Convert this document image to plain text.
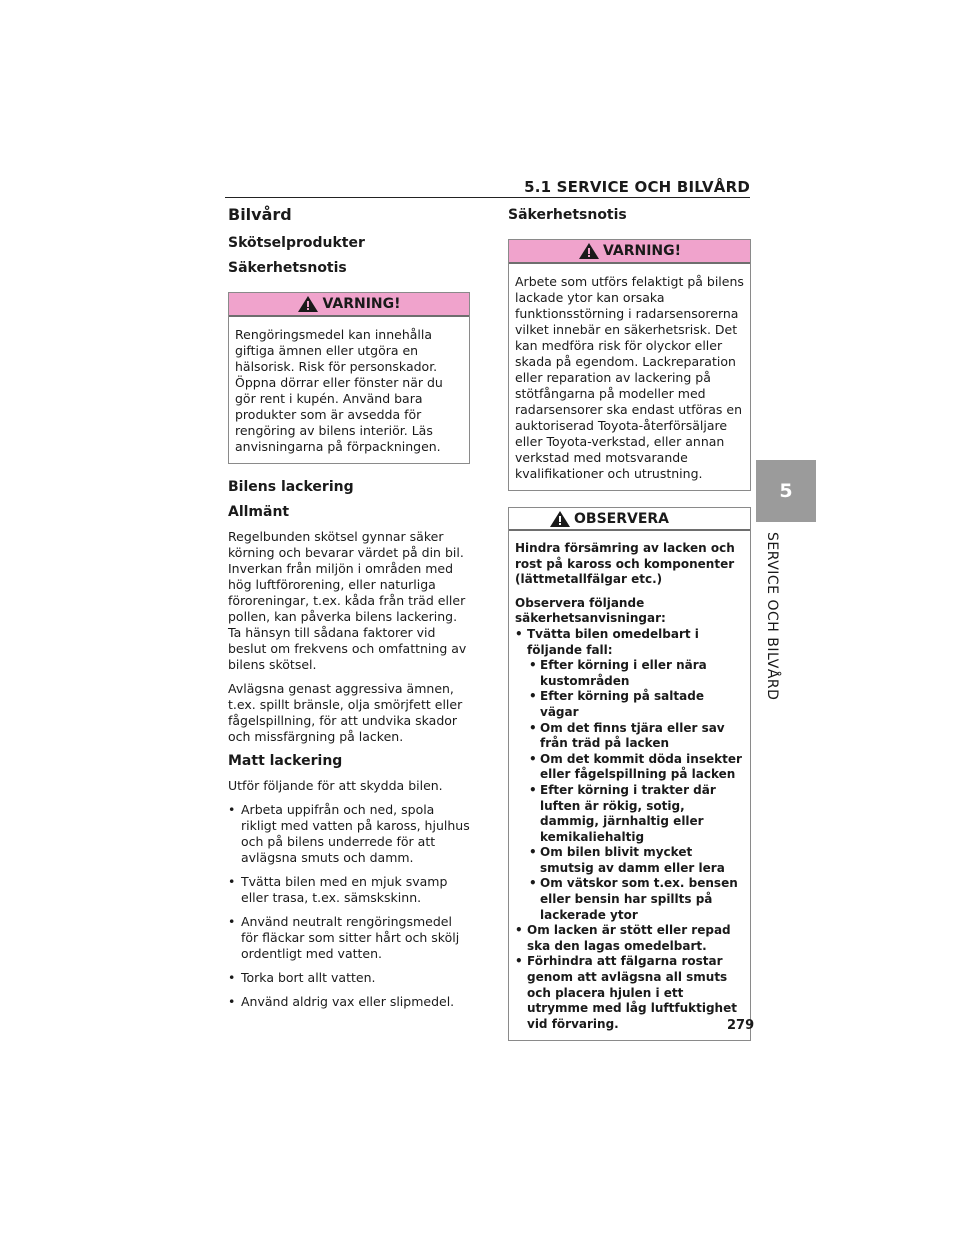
5.1 SERVICE OCH BILVÅRD
5
SERVICE OCH BILVÅRD
Bilvård
Skötselprodukter
Säkerhetsnotis
VARNING!
Rengöringsmedel kan innehålla giftiga ämnen eller utgöra en hälsorisk. Risk för personskador. Öppna dörrar eller fönster när du gör rent i kupén. Använd bara produkter som är avsedda för rengöring av bilens interiör. Läs anvisningarna på förpackningen.
Bilens lackering
Allmänt

Regelbunden skötsel gynnar säker körning och bevarar värdet på din bil. Inverkan från miljön i områden med hög luftförorening, eller naturliga föroreningar, t.ex. kåda från träd eller pollen, kan påverka bilens lackering. Ta hänsyn till sådana faktorer vid beslut om frekvens och omfattning av bilens skötsel.

Avlägsna genast aggressiva ämnen, t.ex. spillt bränsle, olja smörjfett eller fågelspillning, för att undvika skador och missfärgning på lacken.

Matt lackering

Utför följande för att skydda bilen.

• Arbeta uppifrån och ned, spola rikligt med vatten på kaross, hjulhus och på bilens underrede för att avlägsna smuts och damm.
• Tvätta bilen med en mjuk svamp eller trasa, t.ex. sämskskinn.
• Använd neutralt rengöringsmedel för fläckar som sitter hårt och skölj ordentligt med vatten.
• Torka bort allt vatten.
• Använd aldrig vax eller slipmedel.
Säkerhetsnotis
VARNING!
Arbete som utförs felaktigt på bilens lackade ytor kan orsaka funktionsstörning i radarsensorerna vilket innebär en säkerhetsrisk. Det kan medföra risk för olyckor eller skada på egendom. Lackreparation eller reparation av lackering på stötfångarna på modeller med radarsensorer ska endast utföras en auktoriserad Toyota-återförsäljare eller Toyota-verkstad, eller annan verkstad med motsvarande kvalifikationer och utrustning.
OBSERVERA

Hindra försämring av lacken och rost på kaross och komponenter (lättmetallfälgar etc.)

Observera följande säkerhetsanvisningar:

• Tvätta bilen omedelbart i följande fall:
• Efter körning i eller nära kustområden
• Efter körning på saltade vägar
• Om det finns tjära eller sav från träd på lacken
• Om det kommit döda insekter eller fågelspillning på lacken
• Efter körning i trakter där luften är rökig, sotig, dammig, järnhaltig eller kemikaliehaltig
• Om bilen blivit mycket smutsig av damm eller lera
• Om vätskor som t.ex. bensen eller bensin har spillts på lackerade ytor
• Om lacken är stött eller repad ska den lagas omedelbart.
• Förhindra att fälgarna rostar genom att avlägsna all smuts och placera hjulen i ett utrymme med låg luftfuktighet vid förvaring.	279
